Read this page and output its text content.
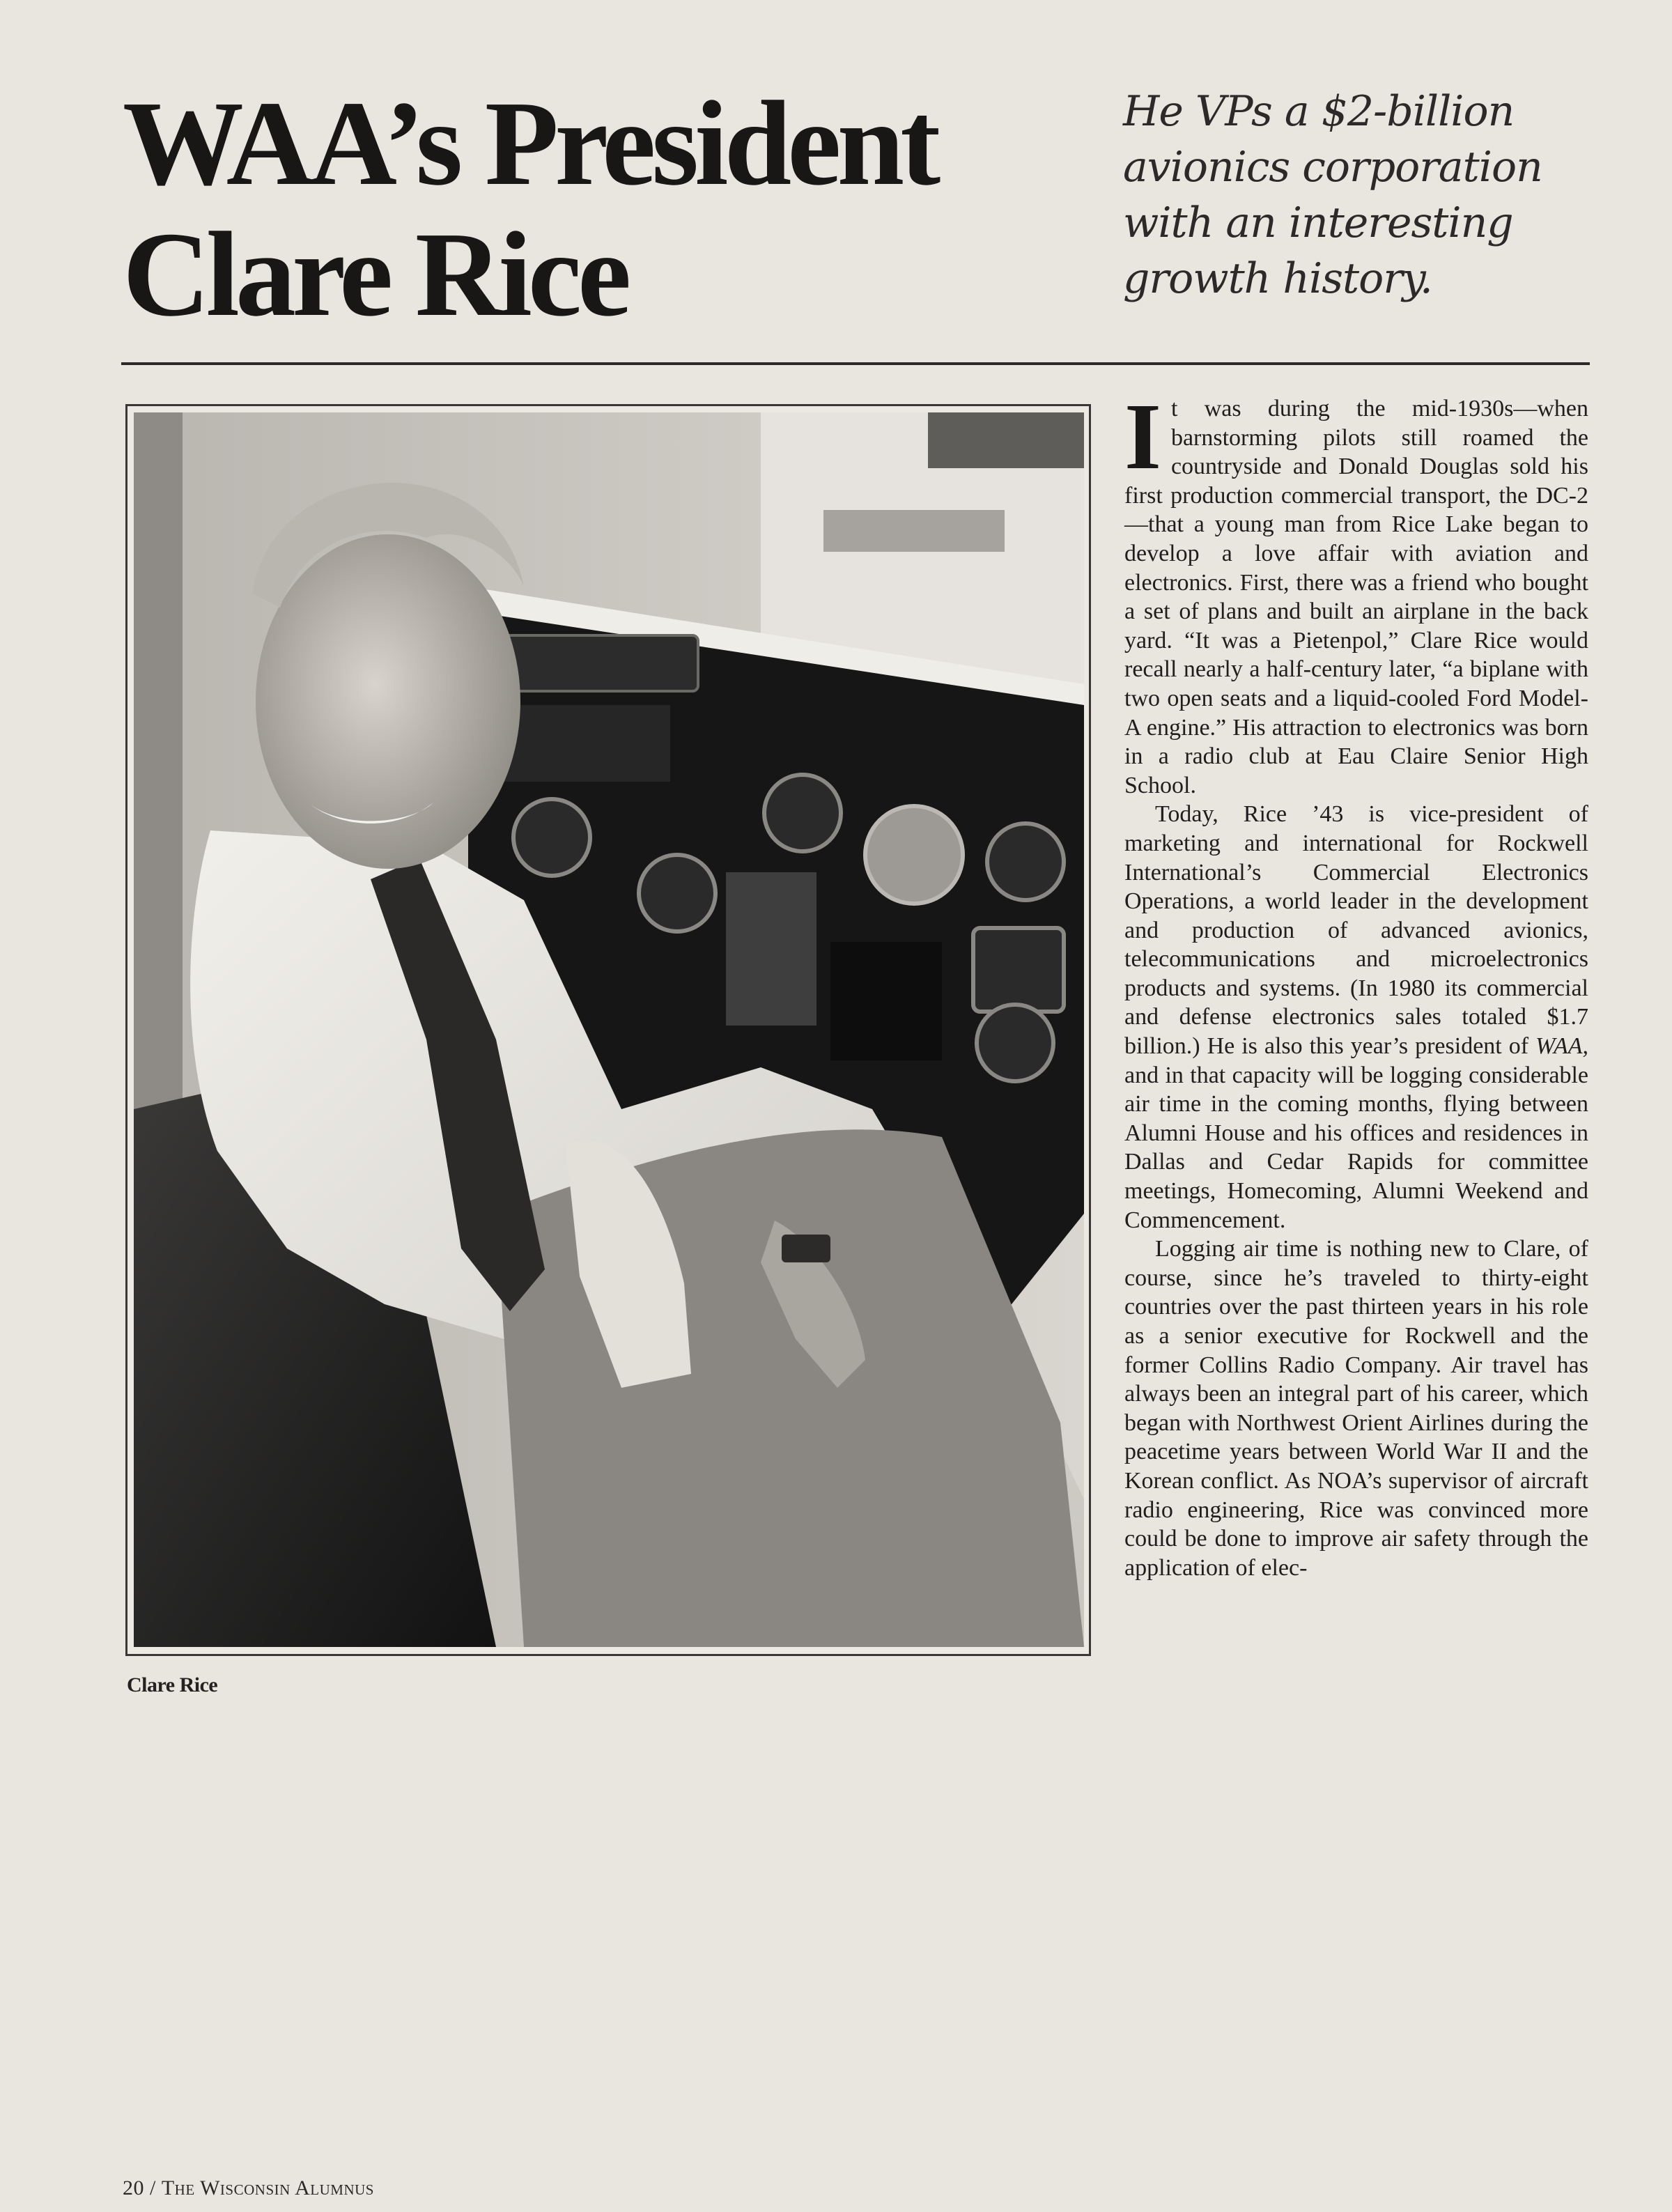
WAA’s President
Clare Rice
He VPs a $2-billion
avionics corporation
with an interesting
growth history.
Clare Rice

It was during the mid-1930s—when barnstorming pilots still roamed the countryside and Donald Douglas sold his first production commercial transport, the DC-2—that a young man from Rice Lake began to develop a love affair with aviation and electronics. First, there was a friend who bought a set of plans and built an airplane in the back yard. “It was a Pietenpol,” Clare Rice would recall nearly a half-century later, “a biplane with two open seats and a liquid-cooled Ford Model-A engine.” His attraction to electronics was born in a radio club at Eau Claire Senior High School.

Today, Rice ’43 is vice-president of marketing and international for Rockwell International’s Commercial Electronics Operations, a world leader in the development and production of advanced avionics, telecommunications and microelectronics products and systems. (In 1980 its commercial and defense electronics sales totaled $1.7 billion.) He is also this year’s president of WAA, and in that capacity will be logging considerable air time in the coming months, flying between Alumni House and his offices and residences in Dallas and Cedar Rapids for committee meetings, Homecoming, Alumni Weekend and Commencement.

Logging air time is nothing new to Clare, of course, since he’s traveled to thirty-eight countries over the past thirteen years in his role as a senior executive for Rockwell and the former Collins Radio Company. Air travel has always been an integral part of his career, which began with Northwest Orient Airlines during the peacetime years between World War II and the Korean conflict. As NOA’s supervisor of aircraft radio engineering, Rice was convinced more could be done to improve air safety through the application of elec-

20 / The Wisconsin Alumnus
